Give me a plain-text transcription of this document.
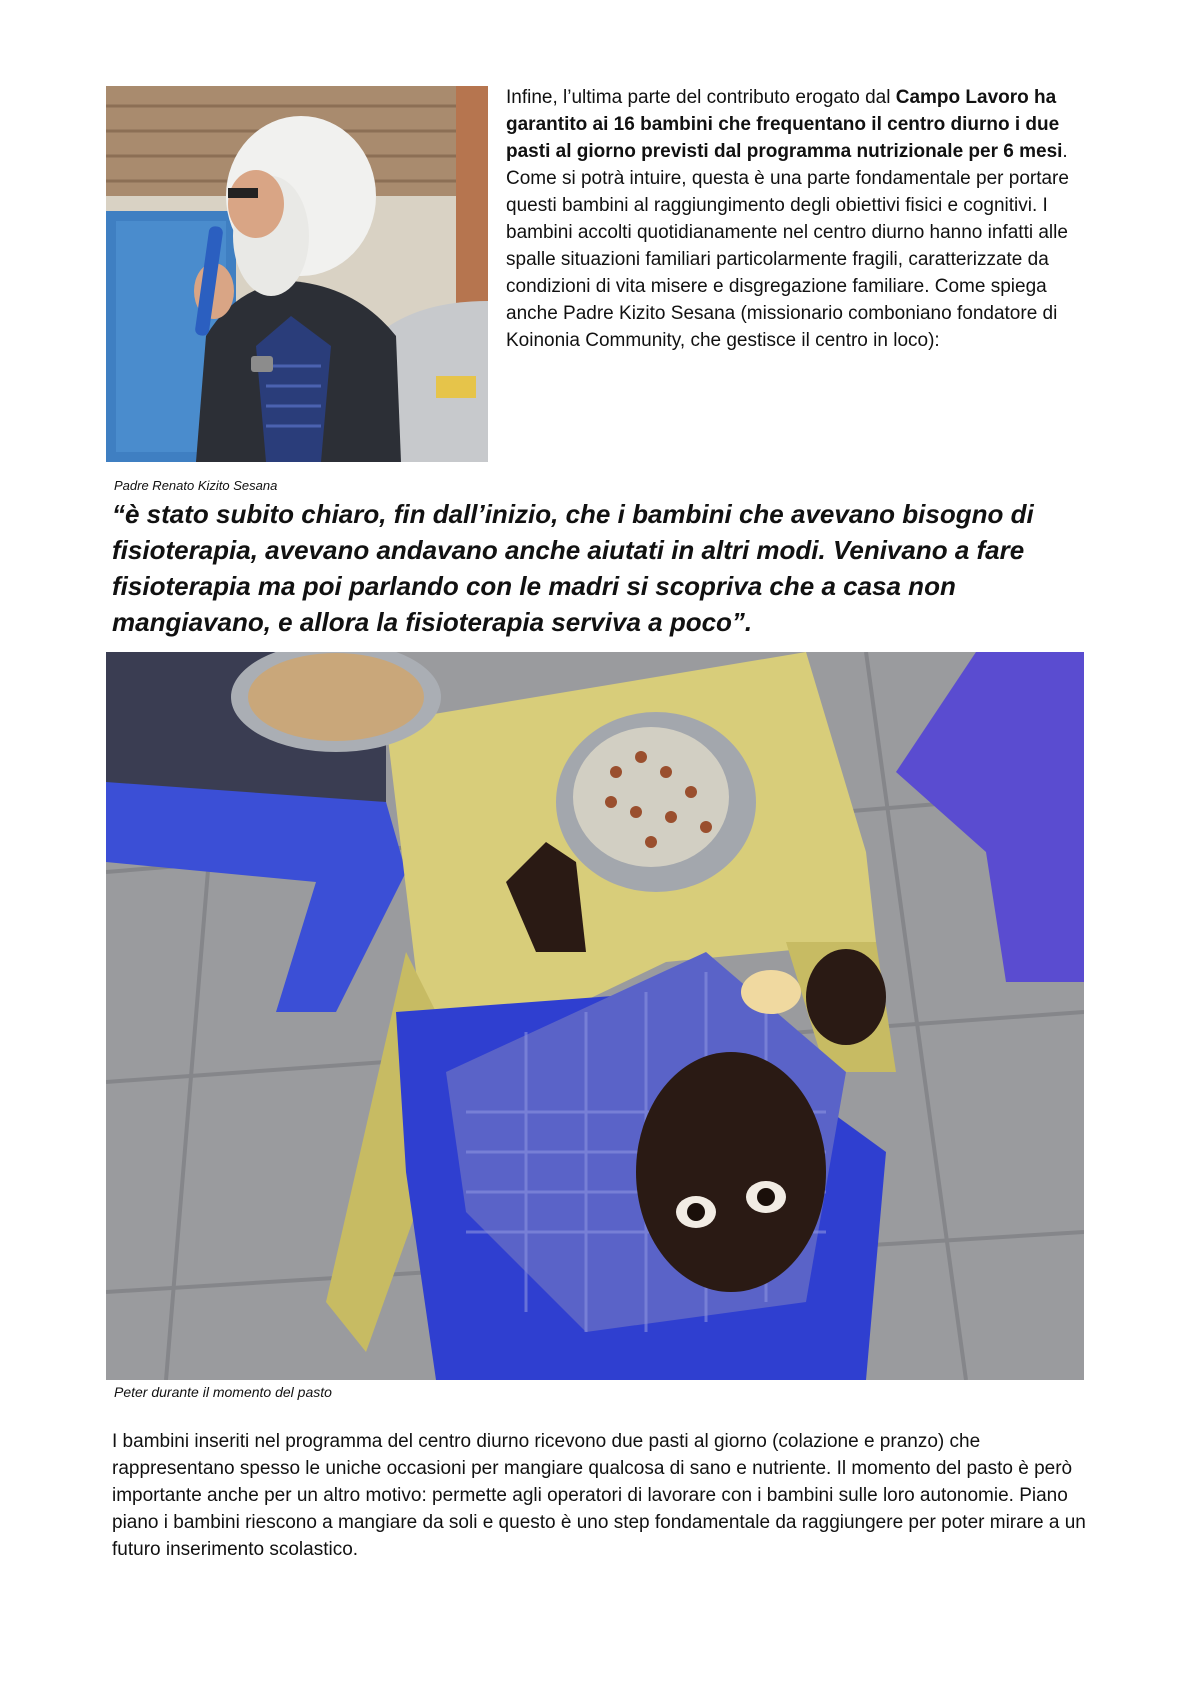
Infine, l’ultima parte del contributo erogato dal Campo Lavoro ha garantito ai 16 bambini che frequentano il centro diurno i due pasti al giorno previsti dal programma nutrizionale per 6 mesi. Come si potrà intuire, questa è una parte fondamentale per portare questi bambini al raggiungimento degli obiettivi fisici e cognitivi. I bambini accolti quotidianamente nel centro diurno hanno infatti alle spalle situazioni familiari particolarmente fragili, caratterizzate da condizioni di vita misere e disgregazione familiare. Come spiega anche Padre Kizito Sesana (missionario comboniano fondatore di Koinonia Community, che gestisce il centro in loco):

Padre Renato Kizito Sesana

“è stato subito chiaro, fin dall’inizio, che i bambini che avevano bisogno di fisioterapia, avevano andavano anche aiutati in altri modi. Venivano a fare fisioterapia ma poi parlando con le madri si scopriva che a casa non mangiavano, e allora la fisioterapia serviva a poco”.

Peter durante il momento del pasto

I bambini inseriti nel programma del centro diurno ricevono due pasti al giorno (colazione e pranzo) che rappresentano spesso le uniche occasioni per mangiare qualcosa di sano e nutriente. Il momento del pasto è però importante anche per un altro motivo: permette agli operatori di lavorare con i bambini sulle loro autonomie. Piano piano i bambini riescono a mangiare da soli e questo è uno step fondamentale da raggiungere per poter mirare a un futuro inserimento scolastico.
